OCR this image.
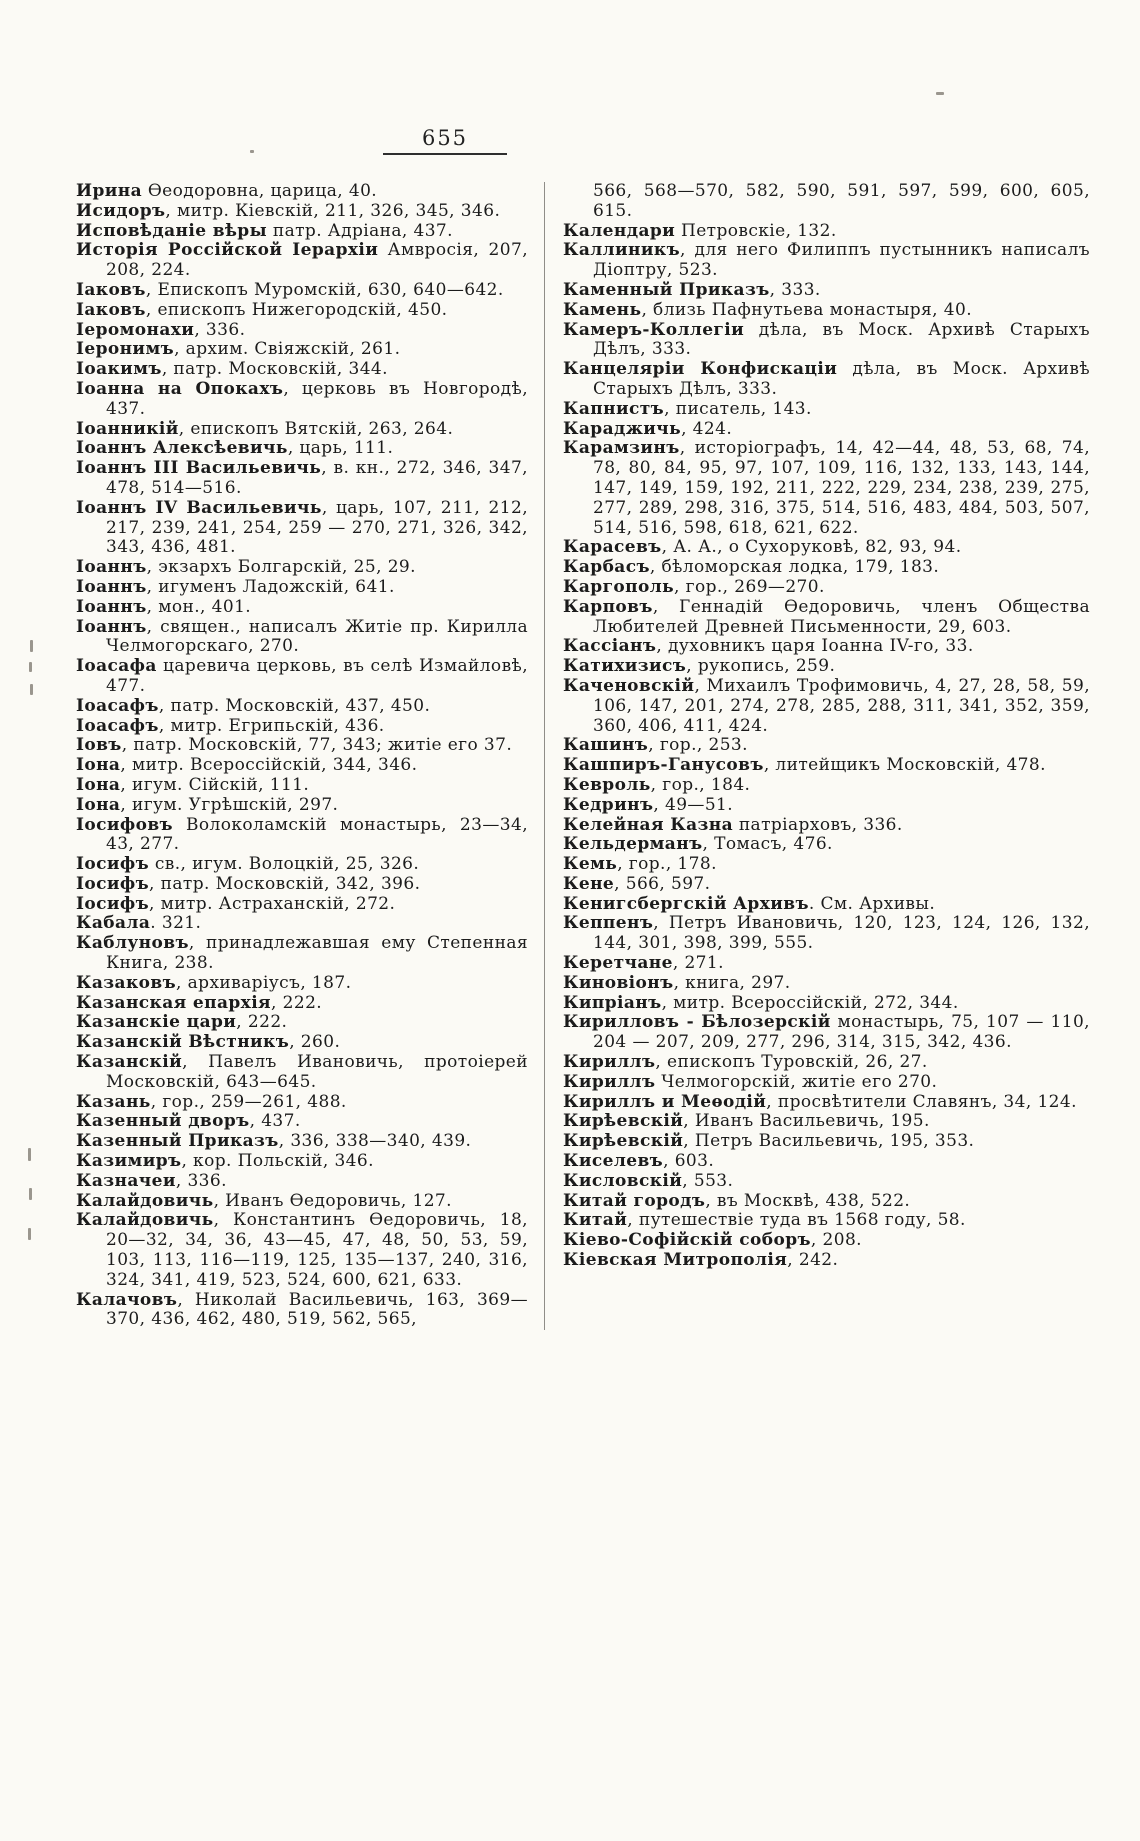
655

Ирина Ѳеодоровна, царица, 40.

Исидоръ, митр. Кіевскій, 211, 326, 345, 346.

Исповѣданіе вѣры патр. Адріана, 437.

Исторія Россійской Іерархіи Амвросія, 207, 208, 224.

Іаковъ, Епископъ Муромскій, 630, 640—642.

Іаковъ, епископъ Нижегородскій, 450.

Іеромонахи, 336.

Іеронимъ, архим. Свіяжскій, 261.

Іоакимъ, патр. Московскій, 344.

Іоанна на Опокахъ, церковь въ Новгородѣ, 437.

Іоанникій, епископъ Вятскій, 263, 264.

Іоаннъ Алексѣевичь, царь, 111.

Іоаннъ III Васильевичь, в. кн., 272, 346, 347, 478, 514—516.

Іоаннъ IV Васильевичь, царь, 107, 211, 212, 217, 239, 241, 254, 259 — 270, 271, 326, 342, 343, 436, 481.

Іоаннъ, экзархъ Болгарскій, 25, 29.

Іоаннъ, игуменъ Ладожскій, 641.

Іоаннъ, мон., 401.

Іоаннъ, священ., написалъ Житіе пр. Кирилла Челмогорскаго, 270.

Іоасафа царевича церковь, въ селѣ Измайловѣ, 477.

Іоасафъ, патр. Московскій, 437, 450.

Іоасафъ, митр. Егрипьскій, 436.

Іовъ, патр. Московскій, 77, 343; житіе его 37.

Іона, митр. Всероссійскій, 344, 346.

Іона, игум. Сійскій, 111.

Іона, игум. Угрѣшскій, 297.

Іосифовъ Волоколамскій монастырь, 23—34, 43, 277.

Іосифъ св., игум. Волоцкій, 25, 326.

Іосифъ, патр. Московскій, 342, 396.

Іосифъ, митр. Астраханскій, 272.

Кабала. 321.

Каблуновъ, принадлежавшая ему Степенная Книга, 238.

Казаковъ, архиваріусъ, 187.

Казанская епархія, 222.

Казанскіе цари, 222.

Казанскій Вѣстникъ, 260.

Казанскій, Павелъ Ивановичь, протоіерей Московскій, 643—645.

Казань, гор., 259—261, 488.

Казенный дворъ, 437.

Казенный Приказъ, 336, 338—340, 439.

Казимиръ, кор. Польскій, 346.

Казначеи, 336.

Калайдовичь, Иванъ Ѳедоровичь, 127.

Калайдовичь, Константинъ Ѳедоровичь, 18, 20—32, 34, 36, 43—45, 47, 48, 50, 53, 59, 103, 113, 116—119, 125, 135—137, 240, 316, 324, 341, 419, 523, 524, 600, 621, 633.

Калачовъ, Николай Васильевичь, 163, 369—370, 436, 462, 480, 519, 562, 565,

566, 568—570, 582, 590, 591, 597, 599, 600, 605, 615.

Календари Петровскіе, 132.

Каллиникъ, для него Филиппъ пустынникъ написалъ Діоптру, 523.

Каменный Приказъ, 333.

Камень, близь Пафнутьева монастыря, 40.

Камеръ-Коллегіи дѣла, въ Моск. Архивѣ Старыхъ Дѣлъ, 333.

Канцеляріи Конфискаціи дѣла, въ Моск. Архивѣ Старыхъ Дѣлъ, 333.

Капнистъ, писатель, 143.

Караджичь, 424.

Карамзинъ, исторіографъ, 14, 42—44, 48, 53, 68, 74, 78, 80, 84, 95, 97, 107, 109, 116, 132, 133, 143, 144, 147, 149, 159, 192, 211, 222, 229, 234, 238, 239, 275, 277, 289, 298, 316, 375, 514, 516, 483, 484, 503, 507, 514, 516, 598, 618, 621, 622.

Карасевъ, А. А., о Сухоруковѣ, 82, 93, 94.

Карбасъ, бѣломорская лодка, 179, 183.

Каргополь, гор., 269—270.

Карповъ, Геннадій Ѳедоровичь, членъ Общества Любителей Древней Письменности, 29, 603.

Кассіанъ, духовникъ царя Іоанна IV-го, 33.

Катихизисъ, рукопись, 259.

Каченовскій, Михаилъ Трофимовичь, 4, 27, 28, 58, 59, 106, 147, 201, 274, 278, 285, 288, 311, 341, 352, 359, 360, 406, 411, 424.

Кашинъ, гор., 253.

Кашпиръ-Ганусовъ, литейщикъ Московскій, 478.

Кевроль, гор., 184.

Кедринъ, 49—51.

Келейная Казна патріарховъ, 336.

Кельдерманъ, Томасъ, 476.

Кемь, гор., 178.

Кене, 566, 597.

Кенигсбергскій Архивъ. См. Архивы.

Кеппенъ, Петръ Ивановичь, 120, 123, 124, 126, 132, 144, 301, 398, 399, 555.

Керетчане, 271.

Киновіонъ, книга, 297.

Кипріанъ, митр. Всероссійскій, 272, 344.

Кирилловъ - Бѣлозерскій монастырь, 75, 107 — 110, 204 — 207, 209, 277, 296, 314, 315, 342, 436.

Кириллъ, епископъ Туровскій, 26, 27.

Кириллъ Челмогорскій, житіе его 270.

Кириллъ и Меѳодій, просвѣтители Славянъ, 34, 124.

Кирѣевскій, Иванъ Васильевичь, 195.

Кирѣевскій, Петръ Васильевичь, 195, 353.

Киселевъ, 603.

Кисловскій, 553.

Китай городъ, въ Москвѣ, 438, 522.

Китай, путешествіе туда въ 1568 году, 58.

Кіево-Софійскій соборъ, 208.

Кіевская Митрополія, 242.
